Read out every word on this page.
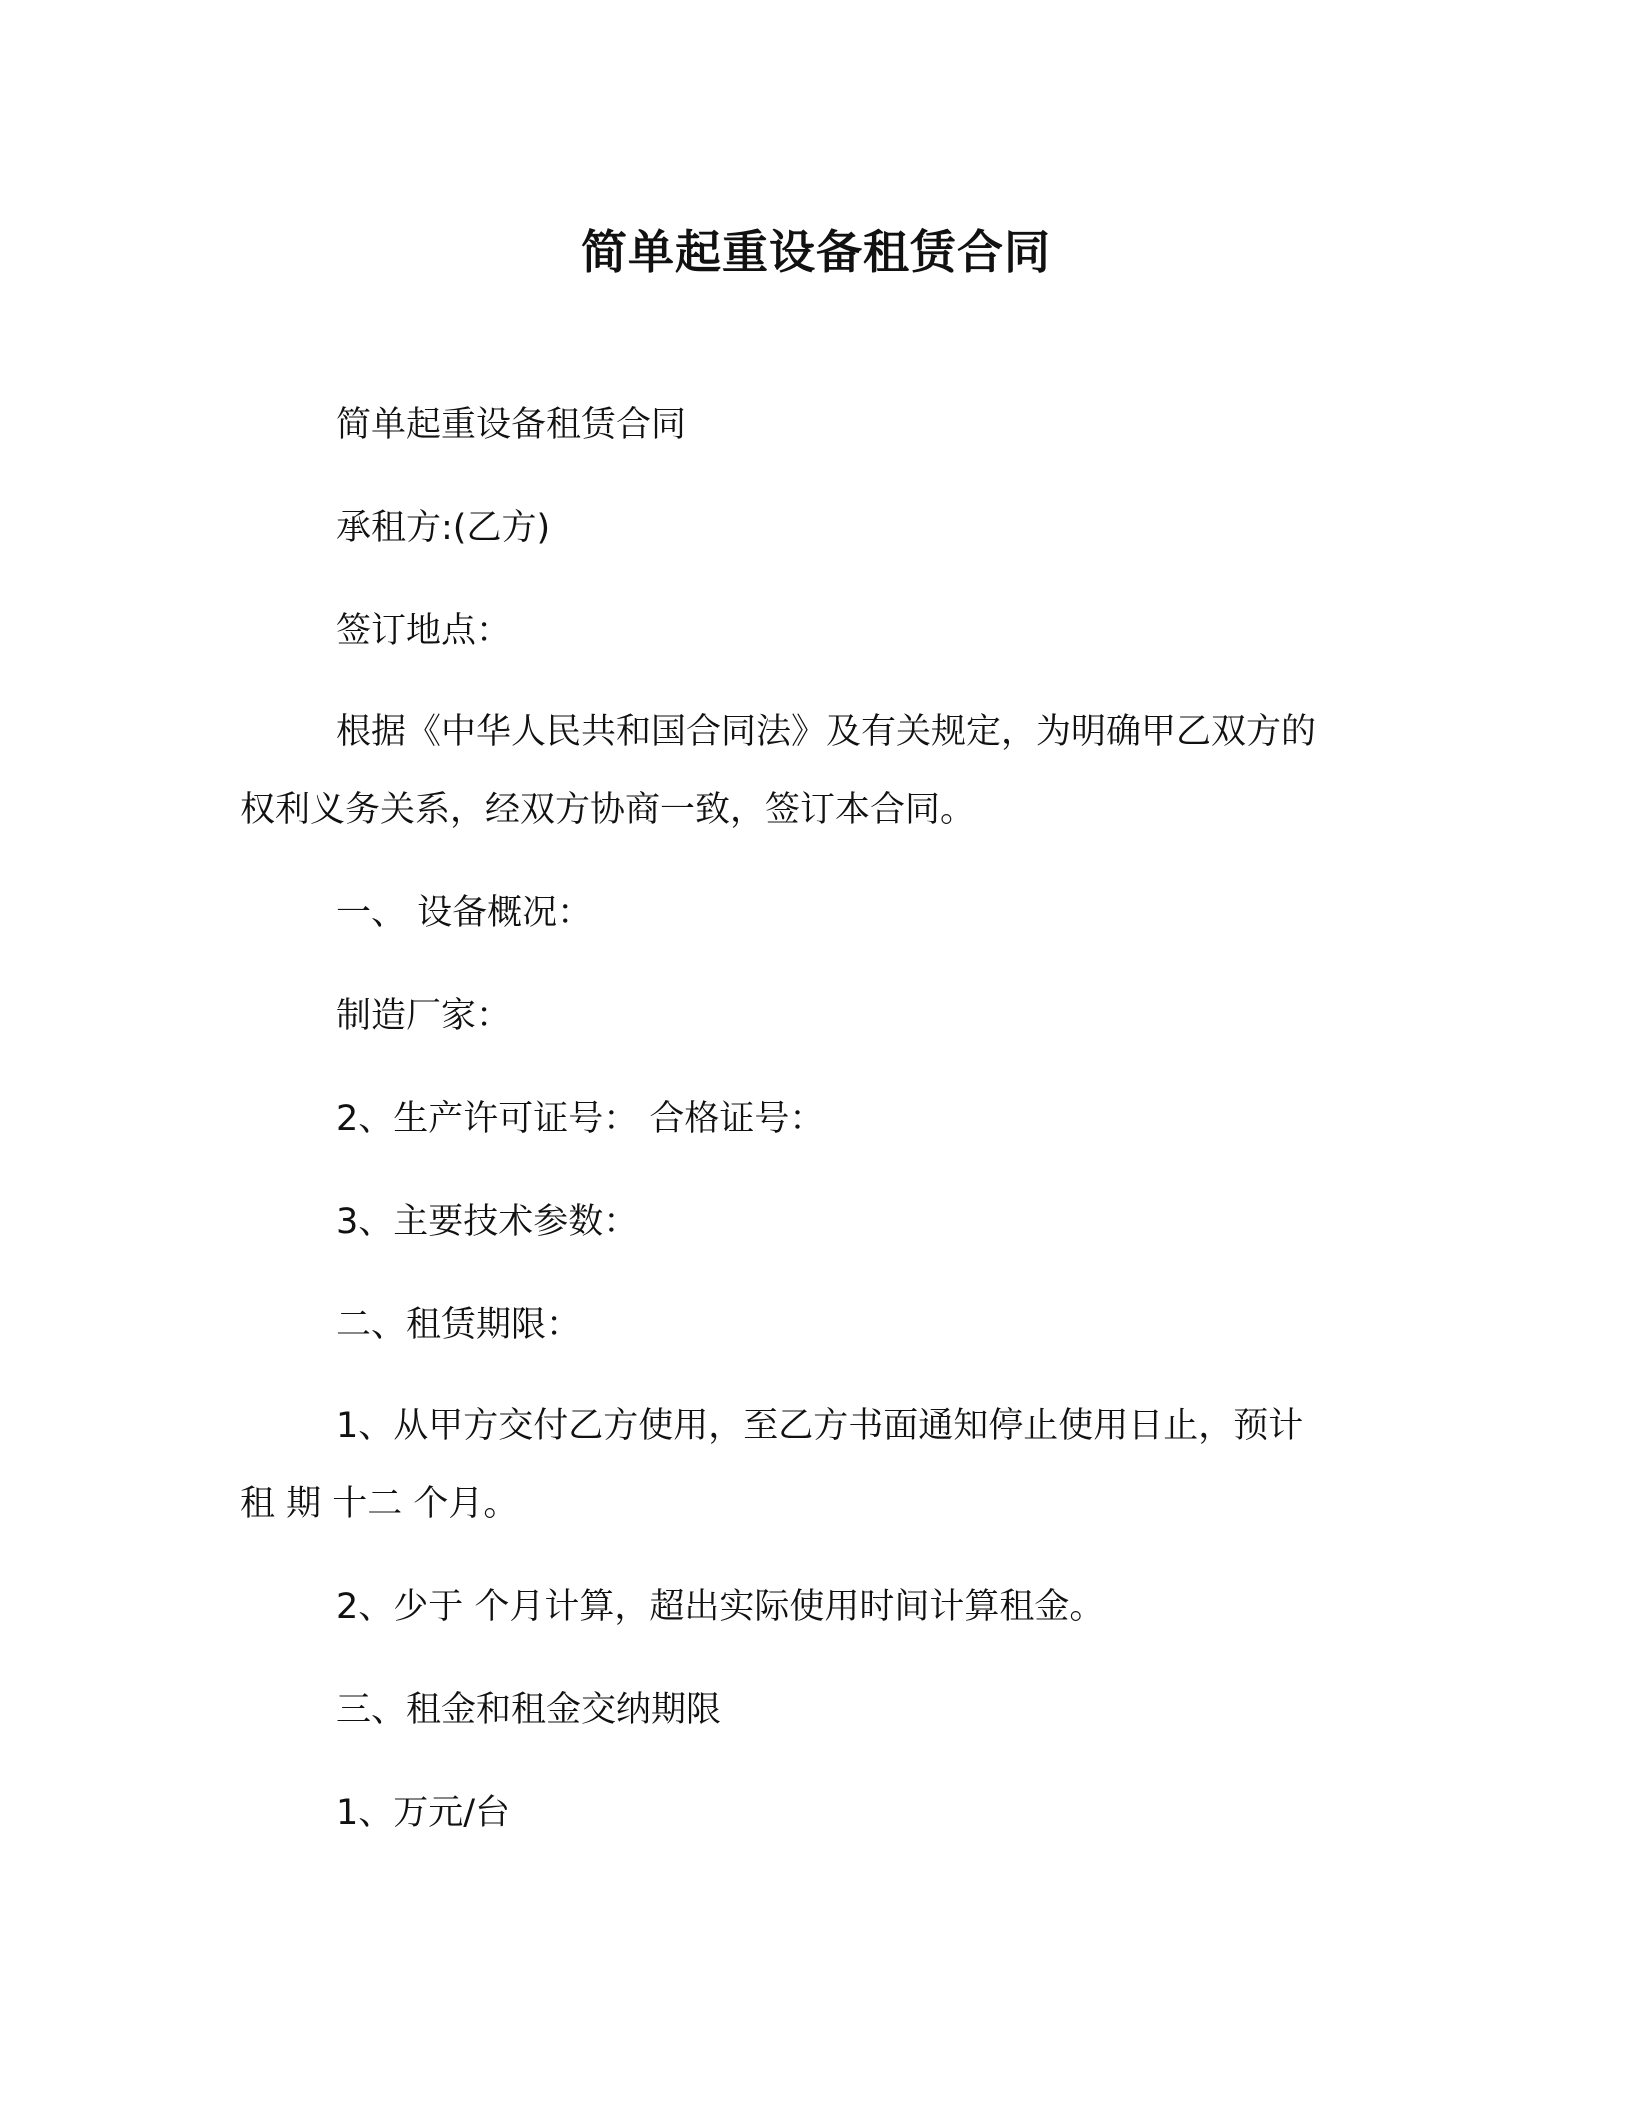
简单起重设备租赁合同

简单起重设备租赁合同

承租方:(乙方)

签订地点：

根据《中华人民共和国合同法》及有关规定，为明确甲乙双方的
权利义务关系，经双方协商一致，签订本合同。

一、 设备概况：

制造厂家：

2、生产许可证号： 合格证号：

3、主要技术参数：

二、租赁期限：

1、从甲方交付乙方使用，至乙方书面通知停止使用日止，预计
租 期 十二 个月。

2、少于 个月计算，超出实际使用时间计算租金。

三、租金和租金交纳期限

1、万元/台
